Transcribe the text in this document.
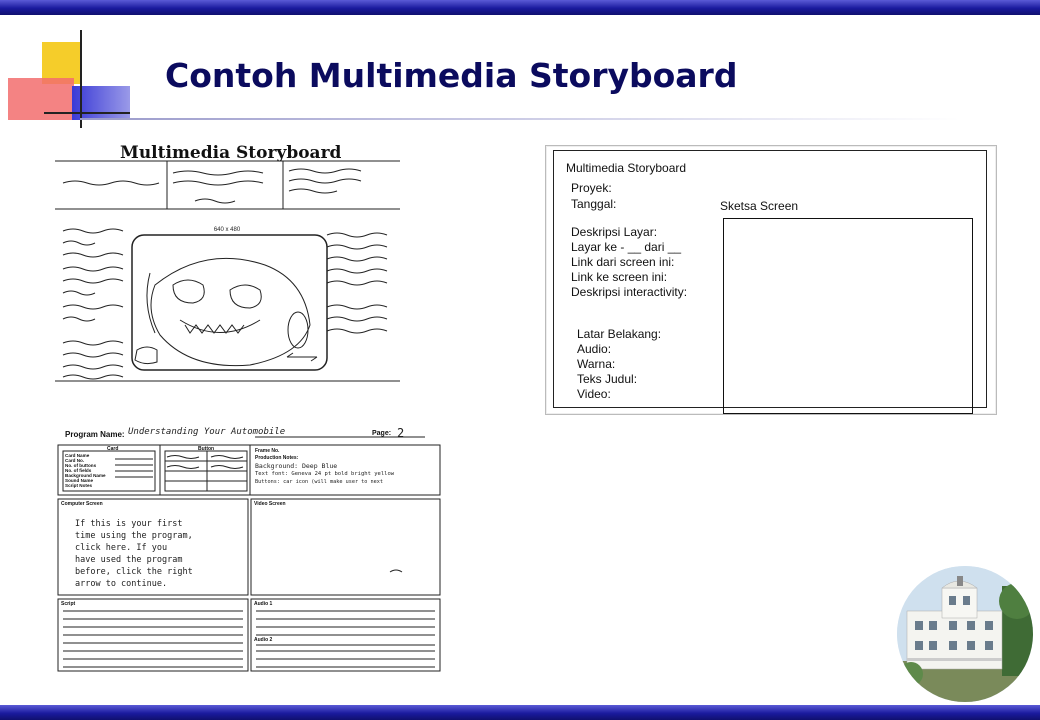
Contoh Multimedia Storyboard
640 x 480

Multimedia Storyboard

Multimedia Storyboard
Proyek:
Tanggal:	Sketsa Screen
Deskripsi Layar:
Layar ke - __ dari __
Link dari screen ini:
Link ke screen ini:
Deskripsi interactivity:
Latar Belakang:
Audio:
Warna:
Teks Judul:
Video:
Program Name: Understanding Your Automobile	Page: 2
Card	Button
Card Name
Card No.
No. of buttons
No. of fields
Background Name
Sound Name
Script Notes
Frame No.
Production Notes:
Background: Deep Blue
Text font: Geneva 24 pt bold bright yellow
Buttons: car icon (will make user to next
Computer Screen	Video Screen
If this is your first
time using the program,
click here. If you
have used the program
before, click the right
arrow to continue.
Script	Audio 1
Audio 2
